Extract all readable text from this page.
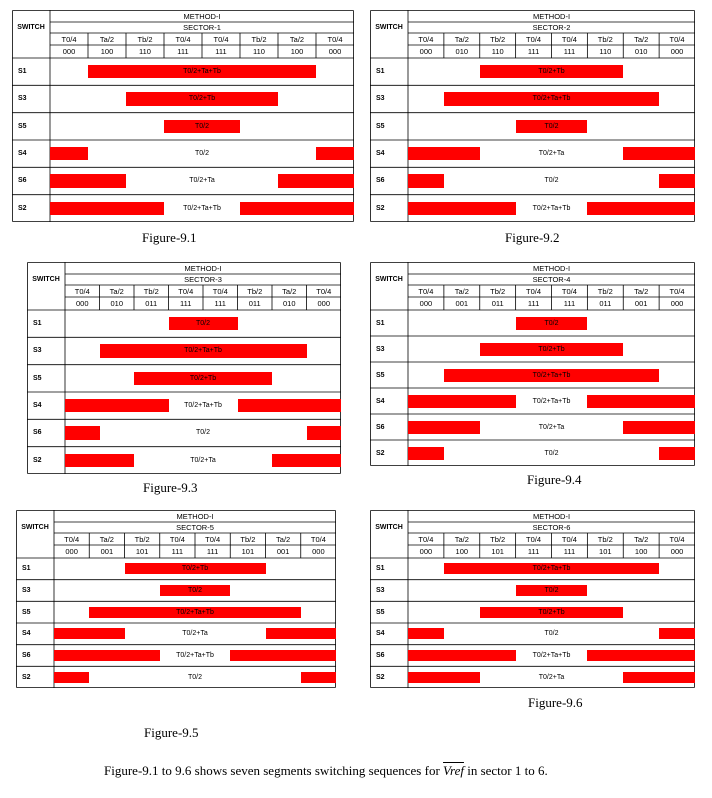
SWITCH
METHOD-I
SECTOR-1
T0/4	Ta/2	Tb/2	T0/4	T0/4	Tb/2	Ta/2	T0/4
000	100	110	111	111	110	100	000
S1	T0/2+Ta+Tb
S3	T0/2+Tb
S5	T0/2
S4	T0/2
S6	T0/2+Ta
S2	T0/2+Ta+Tb
Figure-9.1
SWITCH
METHOD-I
SECTOR-2
T0/4	Ta/2	Tb/2	T0/4	T0/4	Tb/2	Ta/2	T0/4
000	010	110	111	111	110	010	000
S1	T0/2+Tb
S3	T0/2+Ta+Tb
S5	T0/2
S4	T0/2+Ta
S6	T0/2
S2	T0/2+Ta+Tb
Figure-9.2
SWITCH
METHOD-I
SECTOR-3
T0/4	Ta/2	Tb/2	T0/4	T0/4	Tb/2	Ta/2	T0/4
000	010	011	111	111	011	010	000
S1	T0/2
S3	T0/2+Ta+Tb
S5	T0/2+Tb
S4	T0/2+Ta+Tb
S6	T0/2
S2	T0/2+Ta
Figure-9.3
SWITCH
METHOD-I
SECTOR-4
T0/4	Ta/2	Tb/2	T0/4	T0/4	Tb/2	Ta/2	T0/4
000	001	011	111	111	011	001	000
S1	T0/2
S3	T0/2+Tb
S5	T0/2+Ta+Tb
S4	T0/2+Ta+Tb
S6	T0/2+Ta
S2	T0/2
Figure-9.4
SWITCH
METHOD-I
SECTOR-5
T0/4	Ta/2	Tb/2	T0/4	T0/4	Tb/2	Ta/2	T0/4
000	001	101	111	111	101	001	000
S1	T0/2+Tb
S3	T0/2
S5	T0/2+Ta+Tb
S4	T0/2+Ta
S6	T0/2+Ta+Tb
S2	T0/2
Figure-9.5
SWITCH
METHOD-I
SECTOR-6
T0/4	Ta/2	Tb/2	T0/4	T0/4	Tb/2	Ta/2	T0/4
000	100	101	111	111	101	100	000
S1	T0/2+Ta+Tb
S3	T0/2
S5	T0/2+Tb
S4	T0/2
S6	T0/2+Ta+Tb
S2	T0/2+Ta
Figure-9.6
Figure-9.1 to 9.6 shows seven segments switching sequences for Vref in sector 1 to 6.
